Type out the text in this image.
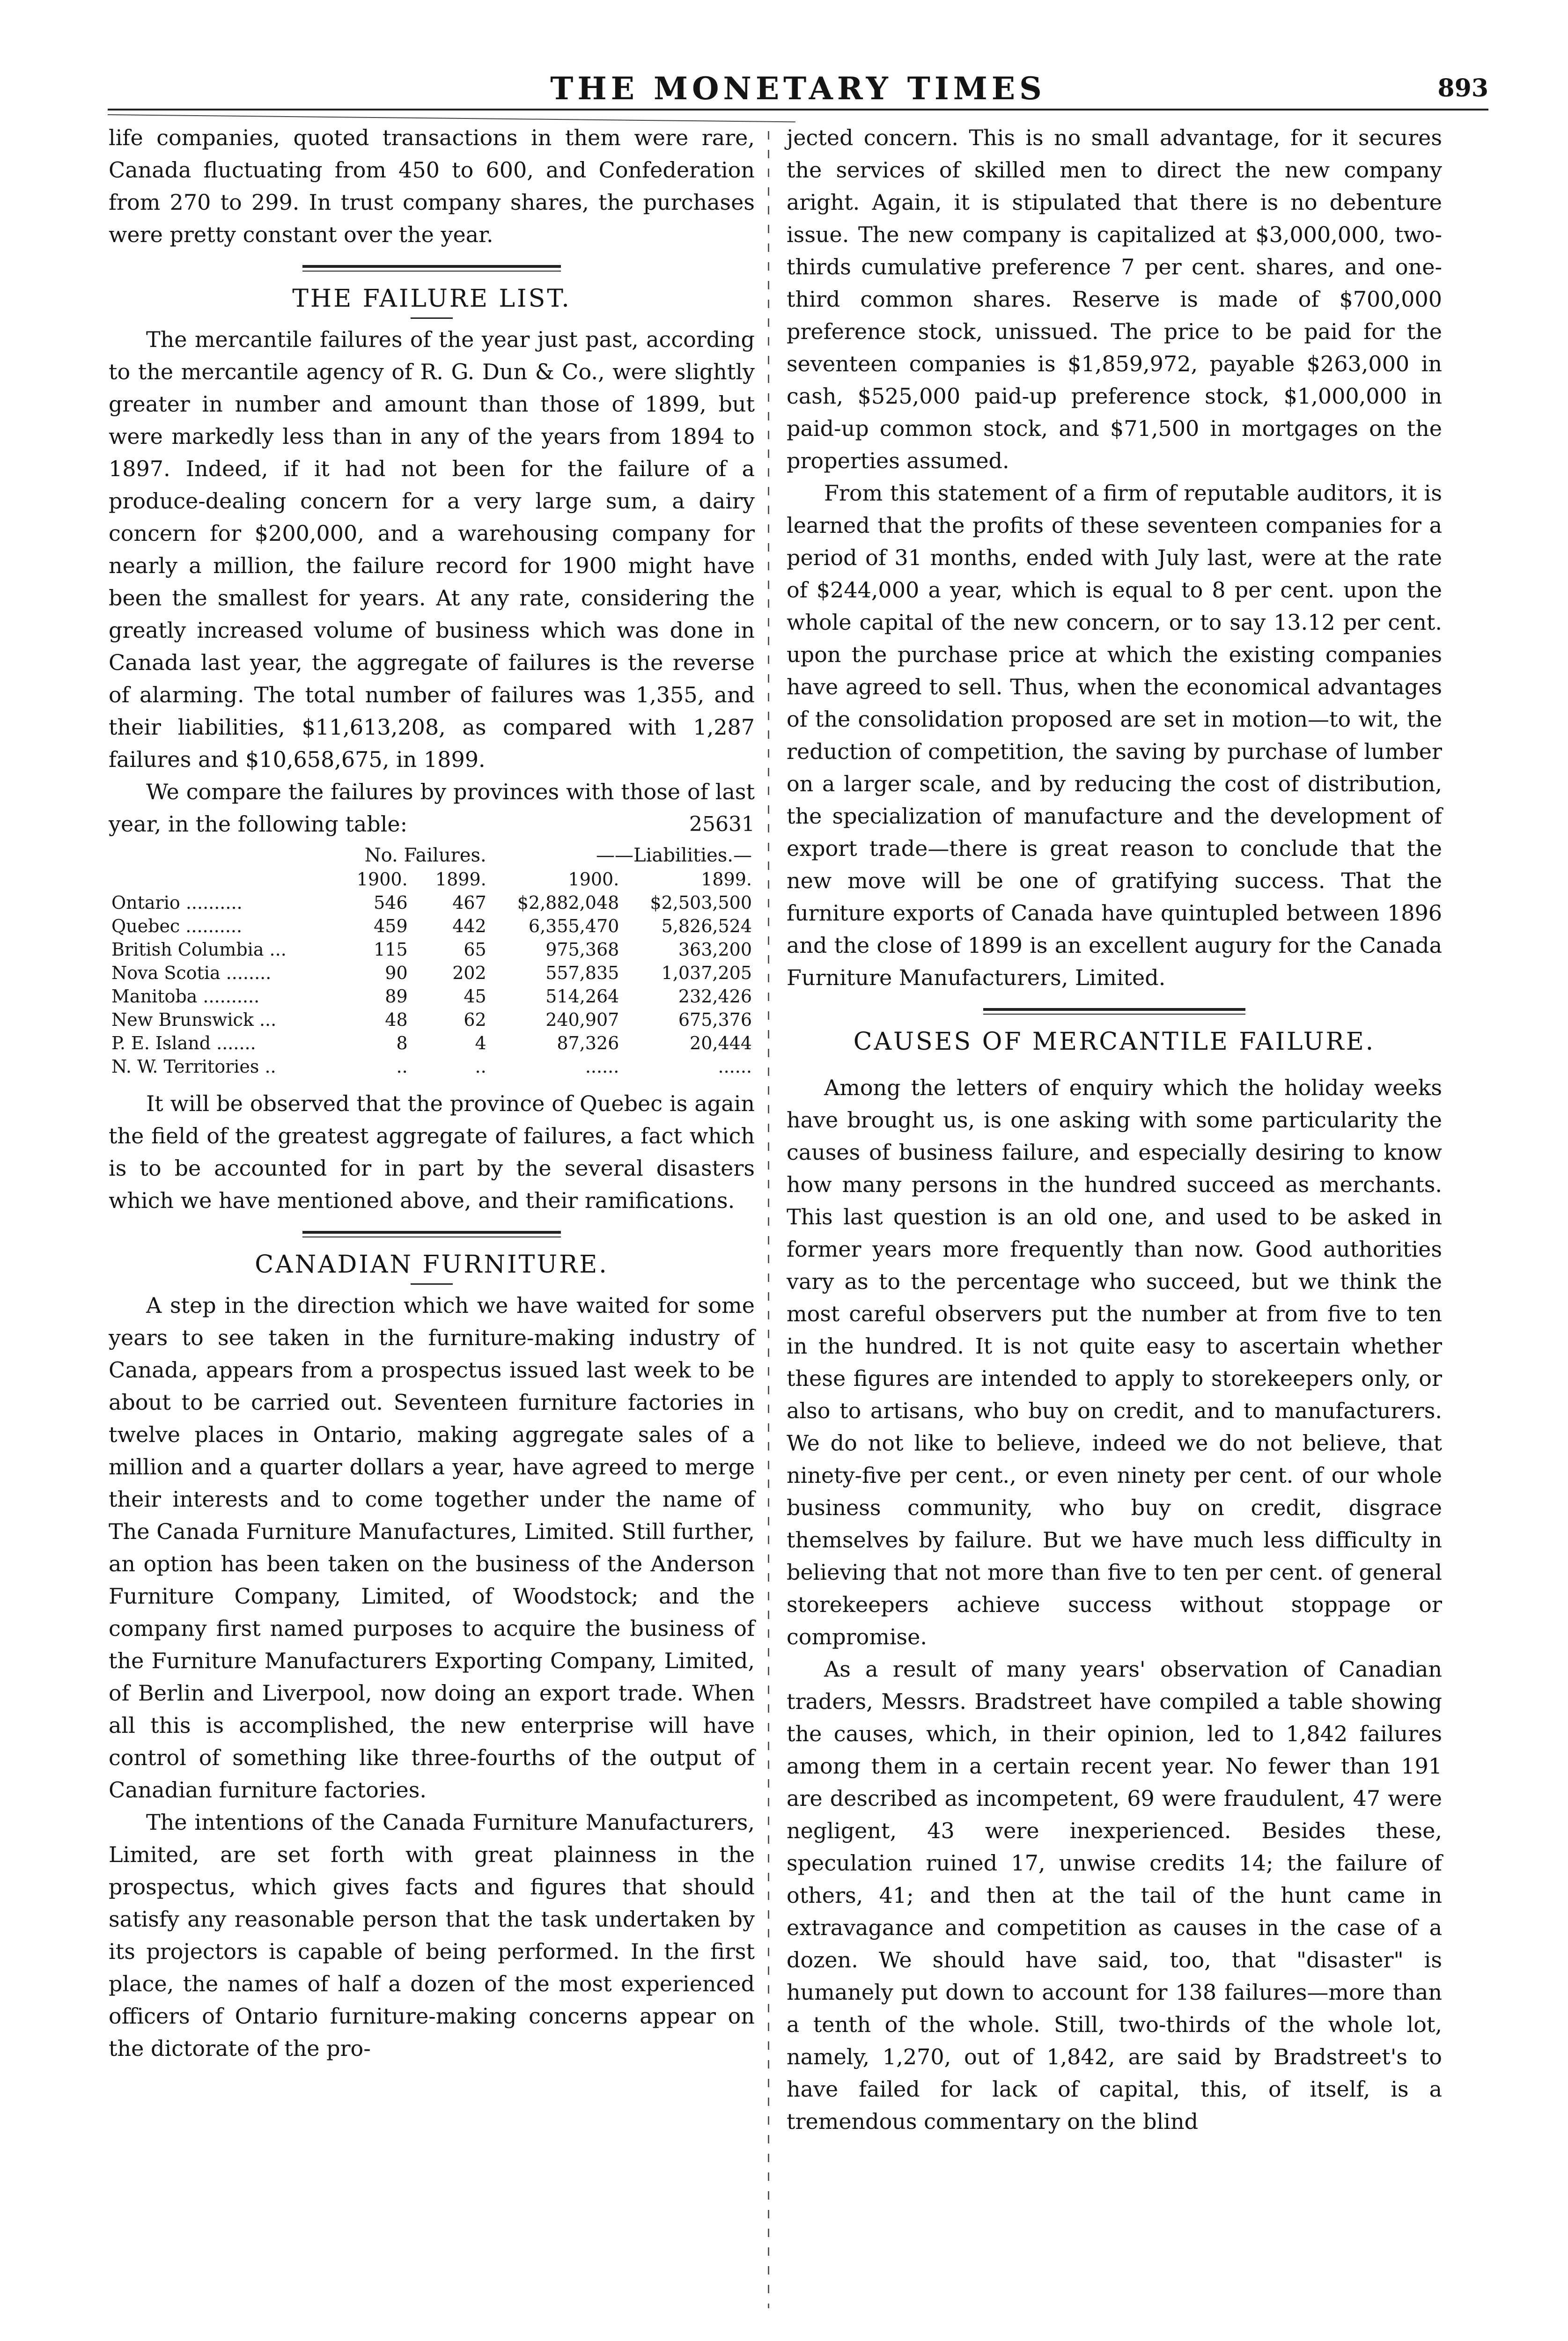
THE MONETARY TIMES	893

life companies, quoted transactions in them were rare, Canada fluctuating from 450 to 600, and Confederation from 270 to 299. In trust company shares, the purchases were pretty constant over the year.

THE FAILURE LIST.

The mercantile failures of the year just past, according to the mercantile agency of R. G. Dun & Co., were slightly greater in number and amount than those of 1899, but were markedly less than in any of the years from 1894 to 1897. Indeed, if it had not been for the failure of a produce-dealing concern for a very large sum, a dairy concern for $200,000, and a warehousing company for nearly a million, the failure record for 1900 might have been the smallest for years. At any rate, considering the greatly increased volume of business which was done in Canada last year, the aggregate of failures is the reverse of alarming. The total number of failures was 1,355, and their liabilities, $11,613,208, as compared with 1,287 failures and $10,658,675, in 1899.

We compare the failures by provinces with those of last year, in the following table:	25631

	No. Failures.		——Liabilities.—	
	1900.	1899.	1900.	1899.
Ontario ..........	546	467	$2,882,048	$2,503,500
Quebec ..........	459	442	6,355,470	5,826,524
British Columbia ...	115	65	975,368	363,200
Nova Scotia ........	90	202	557,835	1,037,205
Manitoba ..........	89	45	514,264	232,426
New Brunswick ...	48	62	240,907	675,376
P. E. Island .......	8	4	87,326	20,444
N. W. Territories ..	..	..	......	......

It will be observed that the province of Quebec is again the field of the greatest aggregate of failures, a fact which is to be accounted for in part by the several disasters which we have mentioned above, and their ramifications.

CANADIAN FURNITURE.

A step in the direction which we have waited for some years to see taken in the furniture-making industry of Canada, appears from a prospectus issued last week to be about to be carried out. Seventeen furniture factories in twelve places in Ontario, making aggregate sales of a million and a quarter dollars a year, have agreed to merge their interests and to come together under the name of The Canada Furniture Manufactures, Limited. Still further, an option has been taken on the business of the Anderson Furniture Company, Limited, of Woodstock; and the company first named purposes to acquire the business of the Furniture Manufacturers Exporting Company, Limited, of Berlin and Liverpool, now doing an export trade. When all this is accomplished, the new enterprise will have control of something like three-fourths of the output of Canadian furniture factories.

The intentions of the Canada Furniture Manufacturers, Limited, are set forth with great plainness in the prospectus, which gives facts and figures that should satisfy any reasonable person that the task undertaken by its projectors is capable of being performed. In the first place, the names of half a dozen of the most experienced officers of Ontario furniture-making concerns appear on the dictorate of the pro-

jected concern. This is no small advantage, for it secures the services of skilled men to direct the new company aright. Again, it is stipulated that there is no debenture issue. The new company is capitalized at $3,000,000, two-thirds cumulative preference 7 per cent. shares, and one-third common shares. Reserve is made of $700,000 preference stock, unissued. The price to be paid for the seventeen companies is $1,859,972, payable $263,000 in cash, $525,000 paid-up preference stock, $1,000,000 in paid-up common stock, and $71,500 in mortgages on the properties assumed.

From this statement of a firm of reputable auditors, it is learned that the profits of these seventeen companies for a period of 31 months, ended with July last, were at the rate of $244,000 a year, which is equal to 8 per cent. upon the whole capital of the new concern, or to say 13.12 per cent. upon the purchase price at which the existing companies have agreed to sell. Thus, when the economical advantages of the consolidation proposed are set in motion—to wit, the reduction of competition, the saving by purchase of lumber on a larger scale, and by reducing the cost of distribution, the specialization of manufacture and the development of export trade—there is great reason to conclude that the new move will be one of gratifying success. That the furniture exports of Canada have quintupled between 1896 and the close of 1899 is an excellent augury for the Canada Furniture Manufacturers, Limited.

CAUSES OF MERCANTILE FAILURE.

Among the letters of enquiry which the holiday weeks have brought us, is one asking with some particularity the causes of business failure, and especially desiring to know how many persons in the hundred succeed as merchants. This last question is an old one, and used to be asked in former years more frequently than now. Good authorities vary as to the percentage who succeed, but we think the most careful observers put the number at from five to ten in the hundred. It is not quite easy to ascertain whether these figures are intended to apply to storekeepers only, or also to artisans, who buy on credit, and to manufacturers. We do not like to believe, indeed we do not believe, that ninety-five per cent., or even ninety per cent. of our whole business community, who buy on credit, disgrace themselves by failure. But we have much less difficulty in believing that not more than five to ten per cent. of general storekeepers achieve success without stoppage or compromise.

As a result of many years' observation of Canadian traders, Messrs. Bradstreet have compiled a table showing the causes, which, in their opinion, led to 1,842 failures among them in a certain recent year. No fewer than 191 are described as incompetent, 69 were fraudulent, 47 were negligent, 43 were inexperienced. Besides these, speculation ruined 17, unwise credits 14; the failure of others, 41; and then at the tail of the hunt came in extravagance and competition as causes in the case of a dozen. We should have said, too, that "disaster" is humanely put down to account for 138 failures—more than a tenth of the whole. Still, two-thirds of the whole lot, namely, 1,270, out of 1,842, are said by Bradstreet's to have failed for lack of capital, this, of itself, is a tremendous commentary on the blind
